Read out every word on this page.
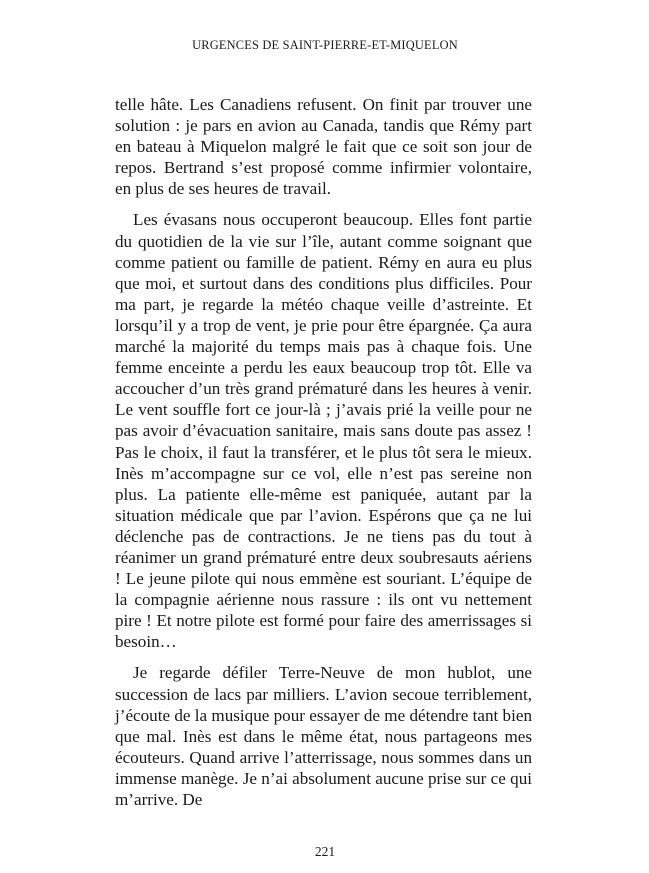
URGENCES DE SAINT-PIERRE-ET-MIQUELON

telle hâte. Les Canadiens refusent. On finit par trouver une solution : je pars en avion au Canada, tandis que Rémy part en bateau à Miquelon malgré le fait que ce soit son jour de repos. Bertrand s’est proposé comme infirmier volontaire, en plus de ses heures de travail.

Les évasans nous occuperont beaucoup. Elles font partie du quotidien de la vie sur l’île, autant comme soignant que comme patient ou famille de patient. Rémy en aura eu plus que moi, et surtout dans des conditions plus difficiles. Pour ma part, je regarde la météo chaque veille d’astreinte. Et lorsqu’il y a trop de vent, je prie pour être épargnée. Ça aura marché la majorité du temps mais pas à chaque fois. Une femme enceinte a perdu les eaux beaucoup trop tôt. Elle va accoucher d’un très grand prématuré dans les heures à venir. Le vent souffle fort ce jour-là ; j’avais prié la veille pour ne pas avoir d’évacuation sanitaire, mais sans doute pas assez ! Pas le choix, il faut la transférer, et le plus tôt sera le mieux. Inès m’accompagne sur ce vol, elle n’est pas sereine non plus. La patiente elle-même est paniquée, autant par la situation médicale que par l’avion. Espérons que ça ne lui déclenche pas de contractions. Je ne tiens pas du tout à réanimer un grand prématuré entre deux soubresauts aériens ! Le jeune pilote qui nous emmène est souriant. L’équipe de la compagnie aérienne nous rassure : ils ont vu nettement pire ! Et notre pilote est formé pour faire des amerrissages si besoin…

Je regarde défiler Terre-Neuve de mon hublot, une succession de lacs par milliers. L’avion secoue terriblement, j’écoute de la musique pour essayer de me détendre tant bien que mal. Inès est dans le même état, nous partageons mes écouteurs. Quand arrive l’atterrissage, nous sommes dans un immense manège. Je n’ai absolument aucune prise sur ce qui m’arrive. De

221
